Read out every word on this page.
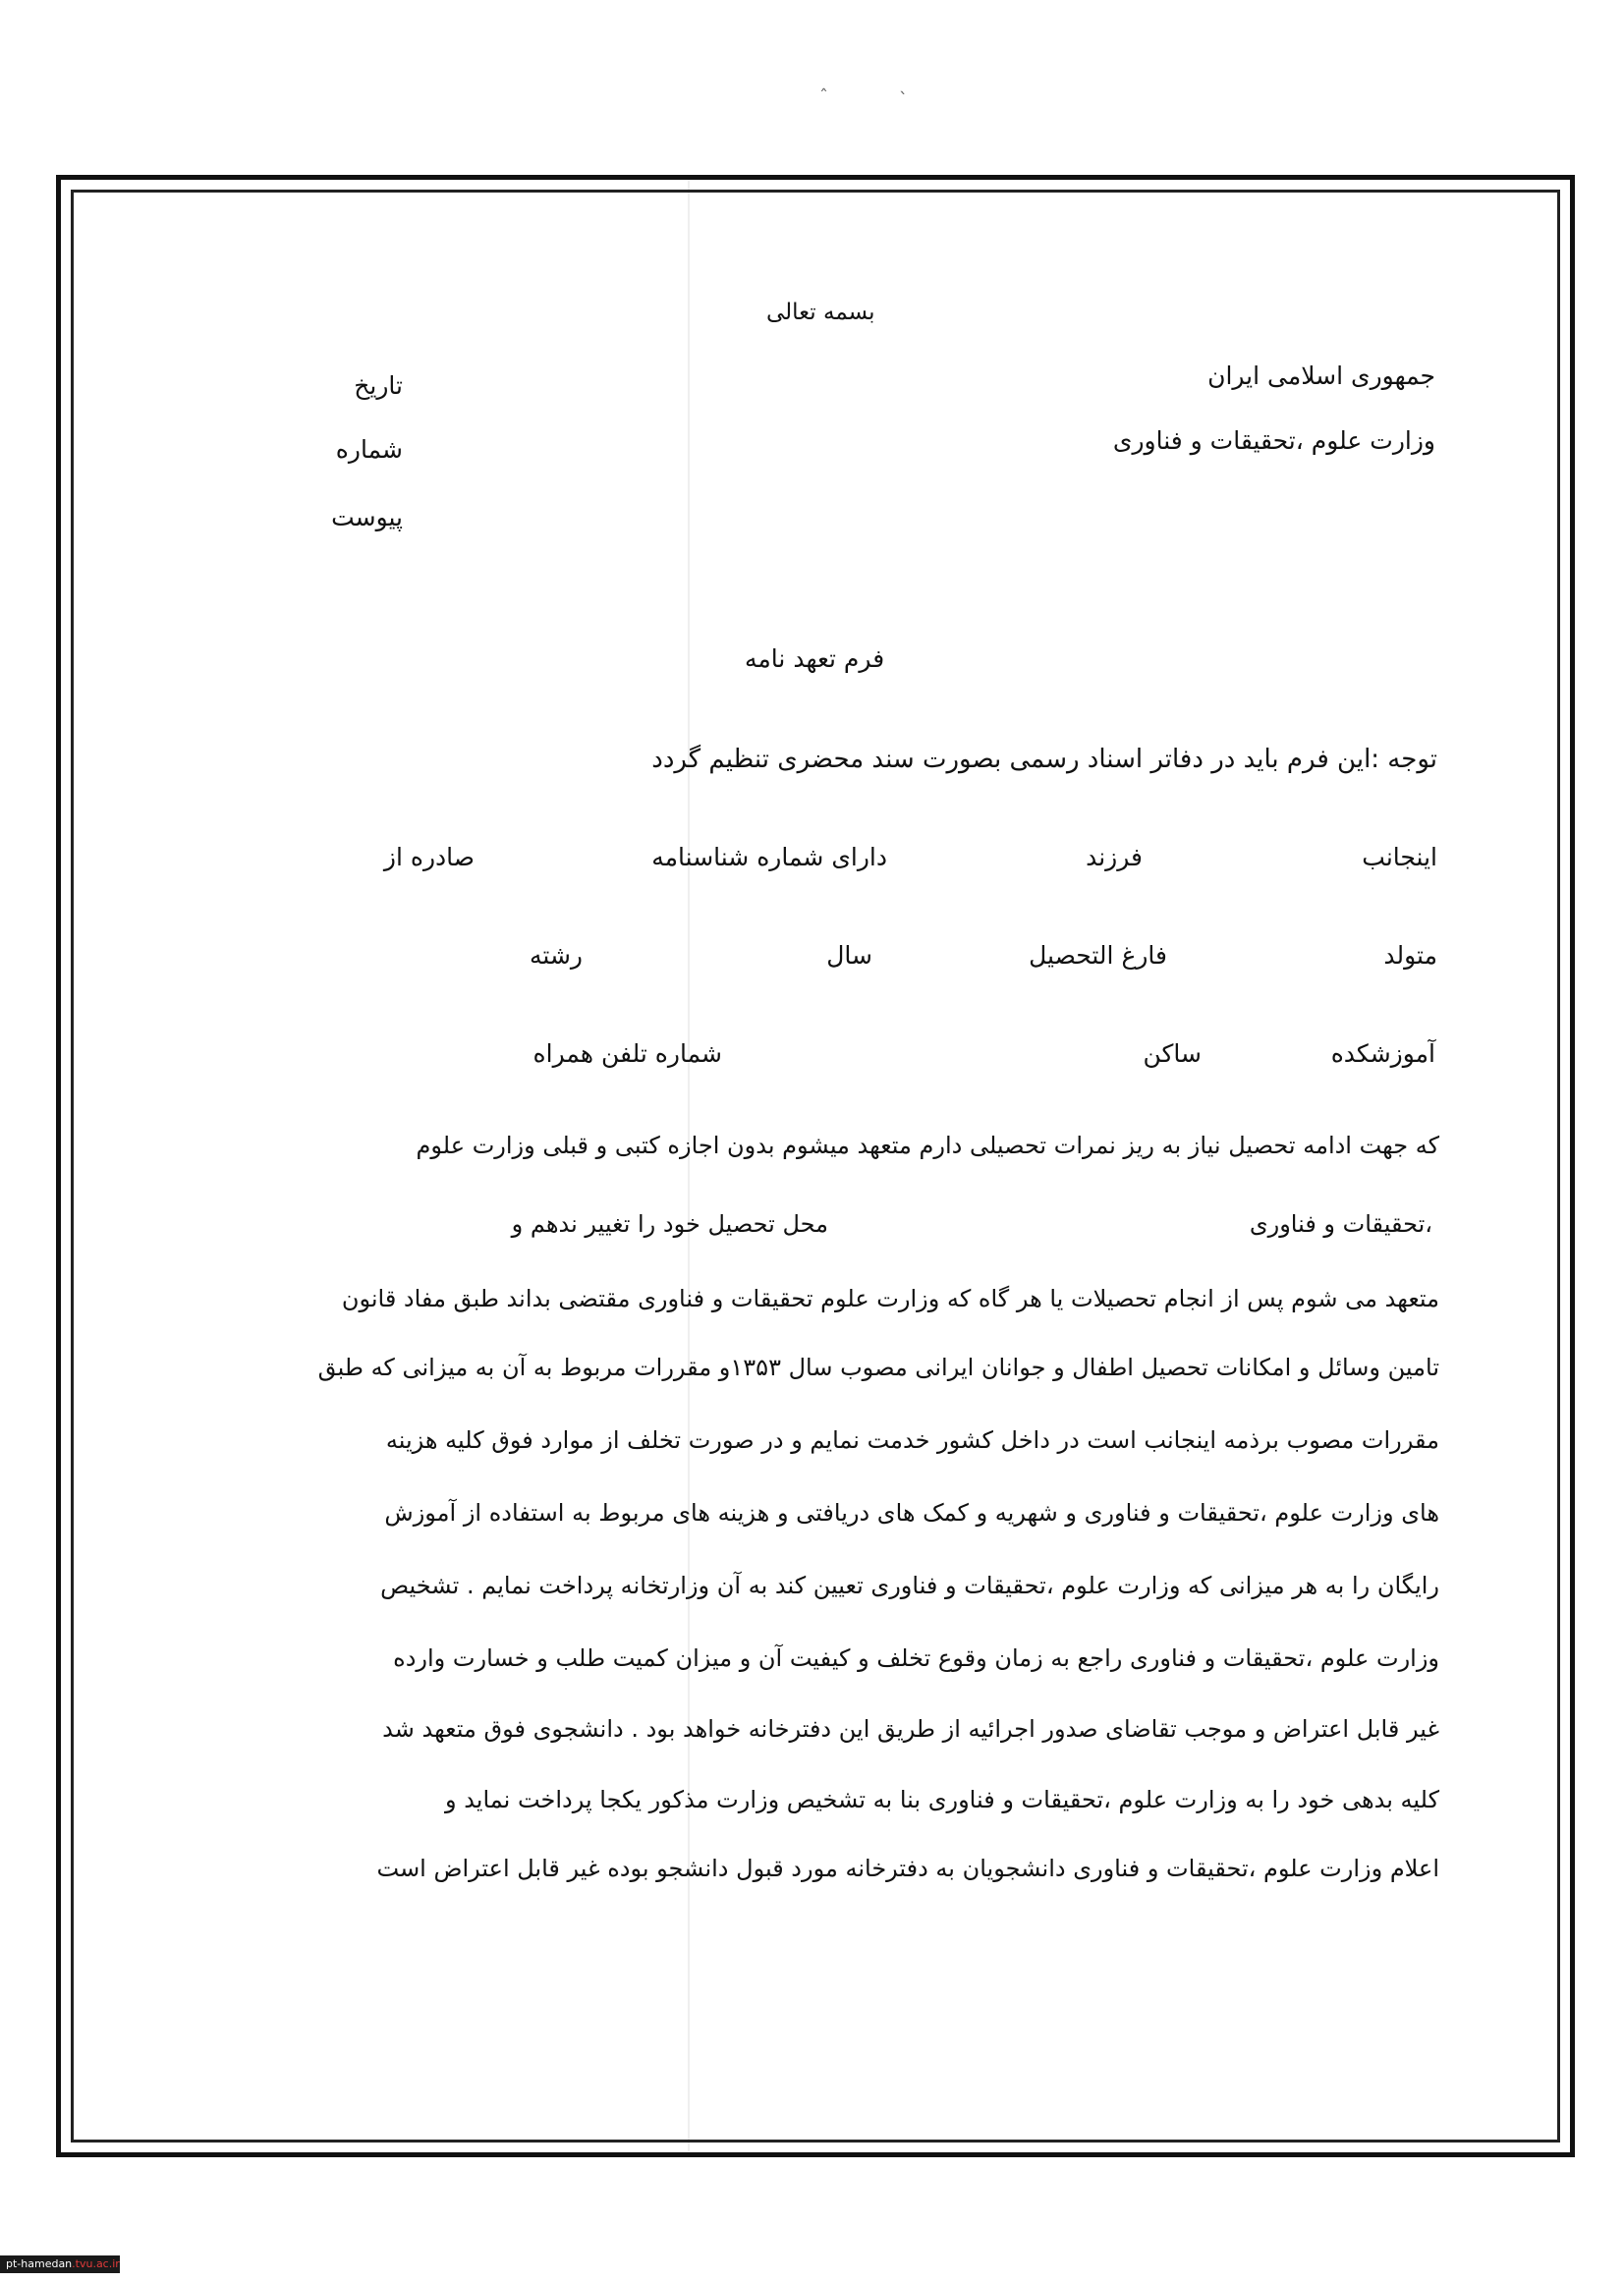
ˆ
ˎ
بسمه تعالی
جمهوری اسلامی ایران
وزارت علوم ،تحقیقات و فناوری
تاریخ
شماره
پیوست
فرم تعهد نامه
توجه :این فرم باید در دفاتر اسناد رسمی بصورت سند محضری تنظیم گردد
اینجانب
فرزند
دارای شماره شناسنامه
صادره از
متولد
فارغ التحصیل
سال
رشته
آموزشکده
ساکن
شماره تلفن همراه
که جهت ادامه تحصیل نیاز به ریز نمرات تحصیلی دارم متعهد میشوم بدون اجازه کتبی و قبلی وزارت علوم
،تحقیقات و فناوری
محل تحصیل خود را تغییر ندهم و
متعهد می شوم پس از انجام تحصیلات یا هر گاه که وزارت علوم تحقیقات و فناوری مقتضی بداند طبق مفاد قانون
تامین وسائل و امکانات تحصیل اطفال و جوانان ایرانی مصوب سال ۱۳۵۳و مقررات مربوط به آن به میزانی که طبق
مقررات مصوب برذمه اینجانب است در داخل کشور خدمت نمایم و در صورت تخلف از موارد فوق کلیه هزینه
های وزارت علوم ،تحقیقات و فناوری و شهریه و کمک های دریافتی و هزینه های مربوط به استفاده از آموزش
رایگان را به هر میزانی که وزارت علوم ،تحقیقات و فناوری تعیین کند به آن وزارتخانه پرداخت نمایم . تشخیص
وزارت علوم ،تحقیقات و فناوری راجع به زمان وقوع تخلف و کیفیت آن و میزان کمیت طلب و خسارت وارده
غیر قابل اعتراض و موجب تقاضای صدور اجرائیه از طریق این دفترخانه خواهد بود . دانشجوی فوق متعهد شد
کلیه بدهی خود را به وزارت علوم ،تحقیقات و فناوری بنا به تشخیص وزارت مذکور یکجا پرداخت نماید و
اعلام وزارت علوم ،تحقیقات و فناوری دانشجویان به دفترخانه مورد قبول دانشجو بوده غیر قابل اعتراض است
pt-hamedan.tvu.ac.ir
